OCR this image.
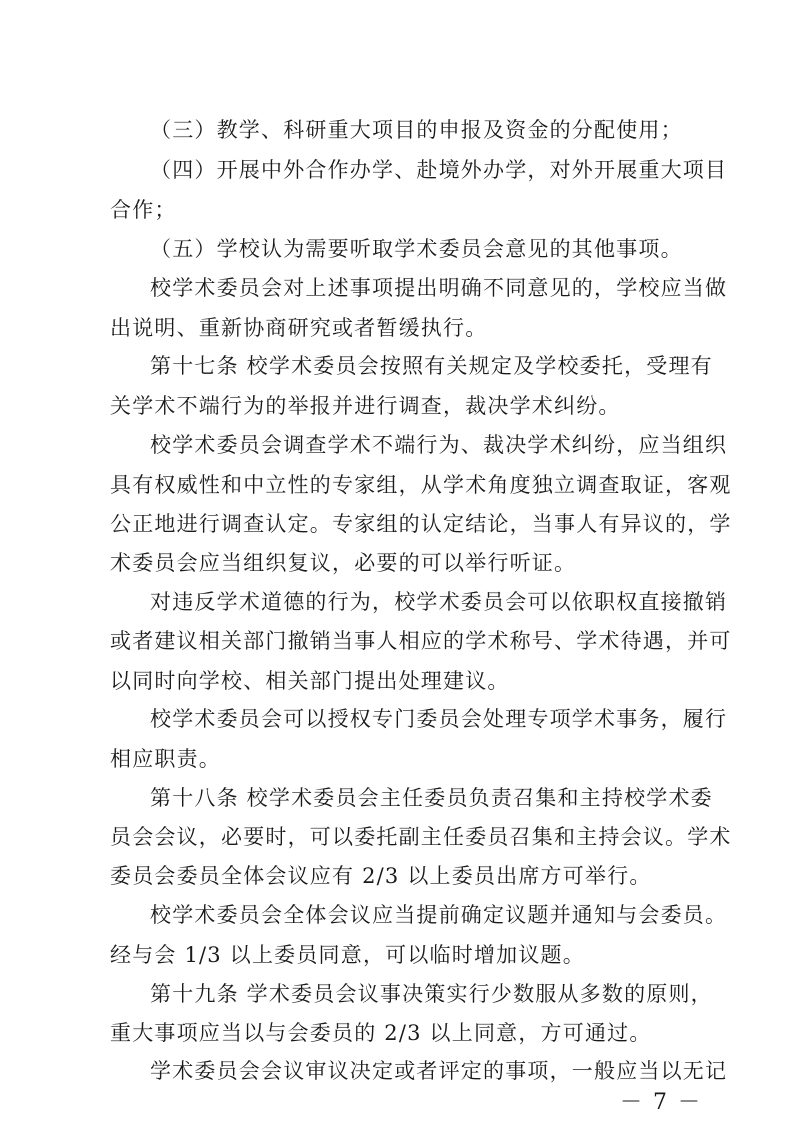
（三）教学、科研重大项目的申报及资金的分配使用；
（四）开展中外合作办学、赴境外办学，对外开展重大项目
合作；
（五）学校认为需要听取学术委员会意见的其他事项。
校学术委员会对上述事项提出明确不同意见的，学校应当做
出说明、重新协商研究或者暂缓执行。
第十七条 校学术委员会按照有关规定及学校委托，受理有
关学术不端行为的举报并进行调查，裁决学术纠纷。
校学术委员会调查学术不端行为、裁决学术纠纷，应当组织
具有权威性和中立性的专家组，从学术角度独立调查取证，客观
公正地进行调查认定。专家组的认定结论，当事人有异议的，学
术委员会应当组织复议，必要的可以举行听证。
对违反学术道德的行为，校学术委员会可以依职权直接撤销
或者建议相关部门撤销当事人相应的学术称号、学术待遇，并可
以同时向学校、相关部门提出处理建议。
校学术委员会可以授权专门委员会处理专项学术事务，履行
相应职责。
第十八条 校学术委员会主任委员负责召集和主持校学术委
员会会议，必要时，可以委托副主任委员召集和主持会议。学术
委员会委员全体会议应有 2/3 以上委员出席方可举行。
校学术委员会全体会议应当提前确定议题并通知与会委员。
经与会 1/3 以上委员同意，可以临时增加议题。
第十九条 学术委员会议事决策实行少数服从多数的原则，
重大事项应当以与会委员的 2/3 以上同意，方可通过。
学术委员会会议审议决定或者评定的事项，一般应当以无记
－ 7 －
